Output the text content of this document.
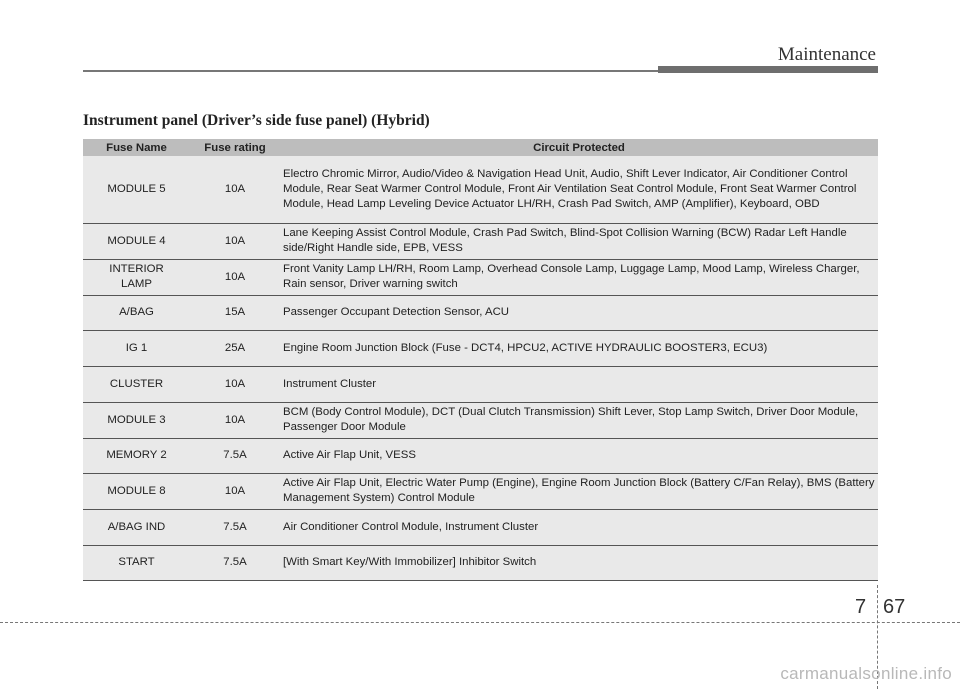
Maintenance
Instrument panel (Driver’s side fuse panel) (Hybrid)
Fuse Name	Fuse rating	Circuit Protected
MODULE 5	10A	Electro Chromic Mirror, Audio/Video & Navigation Head Unit, Audio, Shift Lever Indicator, Air Conditioner Control Module, Rear Seat Warmer Control Module, Front Air Ventilation Seat Control Module, Front Seat Warmer Control Module, Head Lamp Leveling Device Actuator LH/RH, Crash Pad Switch, AMP (Amplifier), Keyboard, OBD

MODULE 4	10A	Lane Keeping Assist Control Module, Crash Pad Switch, Blind-Spot Collision Warning (BCW) Radar Left Handle side/Right Handle side, EPB, VESS

INTERIOR LAMP	10A	Front Vanity Lamp LH/RH, Room Lamp, Overhead Console Lamp, Luggage Lamp, Mood Lamp, Wireless Charger, Rain sensor, Driver warning switch

A/BAG	15A	Passenger Occupant Detection Sensor, ACU

IG 1	25A	Engine Room Junction Block (Fuse - DCT4, HPCU2, ACTIVE HYDRAULIC BOOSTER3, ECU3)

CLUSTER	10A	Instrument Cluster

MODULE 3	10A	BCM (Body Control Module), DCT (Dual Clutch Transmission) Shift Lever, Stop Lamp Switch, Driver Door Module, Passenger Door Module

MEMORY 2	7.5A	Active Air Flap Unit, VESS

MODULE 8	10A	Active Air Flap Unit, Electric Water Pump (Engine), Engine Room Junction Block (Battery C/Fan Relay), BMS (Battery Management System) Control Module

A/BAG IND	7.5A	Air Conditioner Control Module, Instrument Cluster

START	7.5A	[With Smart Key/With Immobilizer] Inhibitor Switch
7 67
carmanualsonline.info
